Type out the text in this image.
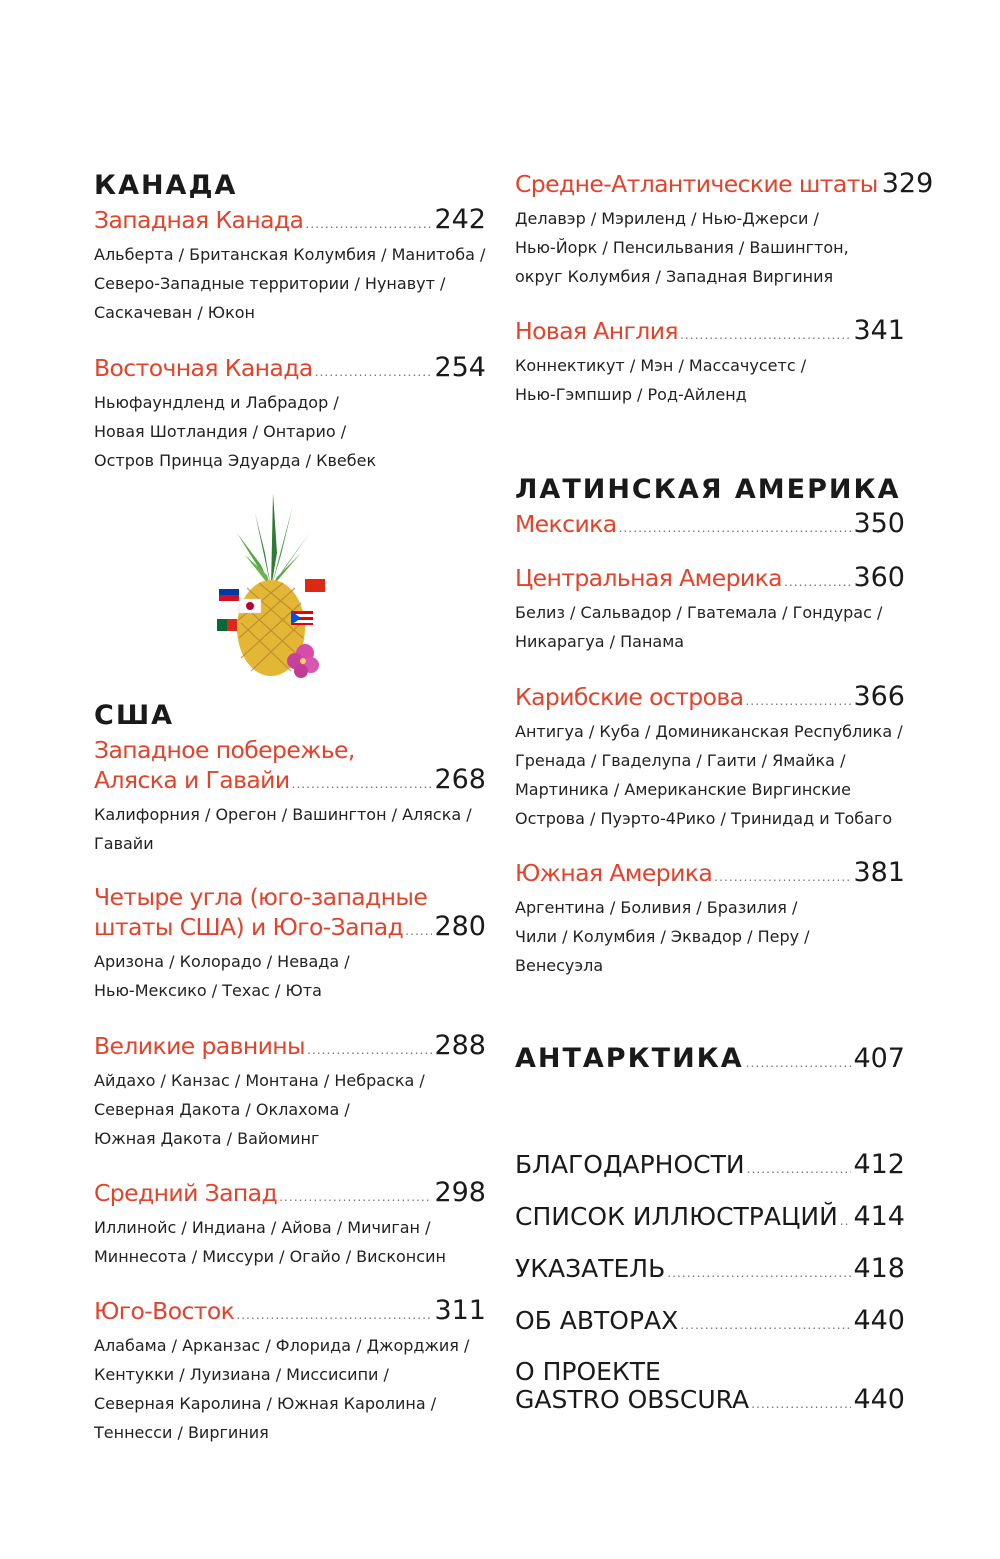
КАНАДА
Западная Канада .....	242
Альберта / Британская Колумбия / Манитоба /
Северо-Западные территории / Нунавут /
Саскачеван / Юкон
Восточная Канада .....	254
Ньюфаундленд и Лабрадор /
Новая Шотландия / Онтарио /
Остров Принца Эдуарда / Квебек
США
Западное побережье,
Аляска и Гавайи .....	268
Калифорния / Орегон / Вашингтон / Аляска /
Гавайи
Четыре угла (юго-западные
штаты США) и Юго-Запад ..... 280
Аризона / Колорадо / Невада /
Нью-Мексико / Техас / Юта
Великие равнины .....	288
Айдахо / Канзас / Монтана / Небраска /
Северная Дакота / Оклахома /
Южная Дакота / Вайоминг
Средний Запад .....	298
Иллинойс / Индиана / Айова / Мичиган /
Миннесота / Миссури / Огайо / Висконсин
Юго-Восток .....	311
Алабама / Арканзас / Флорида / Джорджия /
Кентукки / Луизиана / Миссисипи /
Северная Каролина / Южная Каролина /
Теннесси / Виргиния
Средне-Атлантические штаты 329
Делавэр / Мэриленд / Нью-Джерси /
Нью-Йорк / Пенсильвания / Вашингтон,
округ Колумбия / Западная Виргиния
Новая Англия .....	341
Коннектикут / Мэн / Массачусетс /
Нью-Гэмпшир / Род-Айленд
ЛАТИНСКАЯ АМЕРИКА
Мексика .....	350
Центральная Америка .....	360
Белиз / Сальвадор / Гватемала / Гондурас /
Никарагуа / Панама
Карибские острова .....	366
Антигуа / Куба / Доминиканская Республика /
Гренада / Гваделупа / Гаити / Ямайка /
Мартиника / Американские Виргинские
Острова / Пуэрто-4Рико / Тринидад и Тобаго
Южная Америка .....	381
Аргентина / Боливия / Бразилия /
Чили / Колумбия / Эквадор / Перу /
Венесуэла
АНТАРКТИКА .....	407
БЛАГОДАРНОСТИ .....	412
СПИСОК ИЛЛЮСТРАЦИЙ ..... 414
УКАЗАТЕЛЬ .....	418
ОБ АВТОРАХ .....	440
О ПРОЕКТЕ
GASTRO OBSCURA .....	440
